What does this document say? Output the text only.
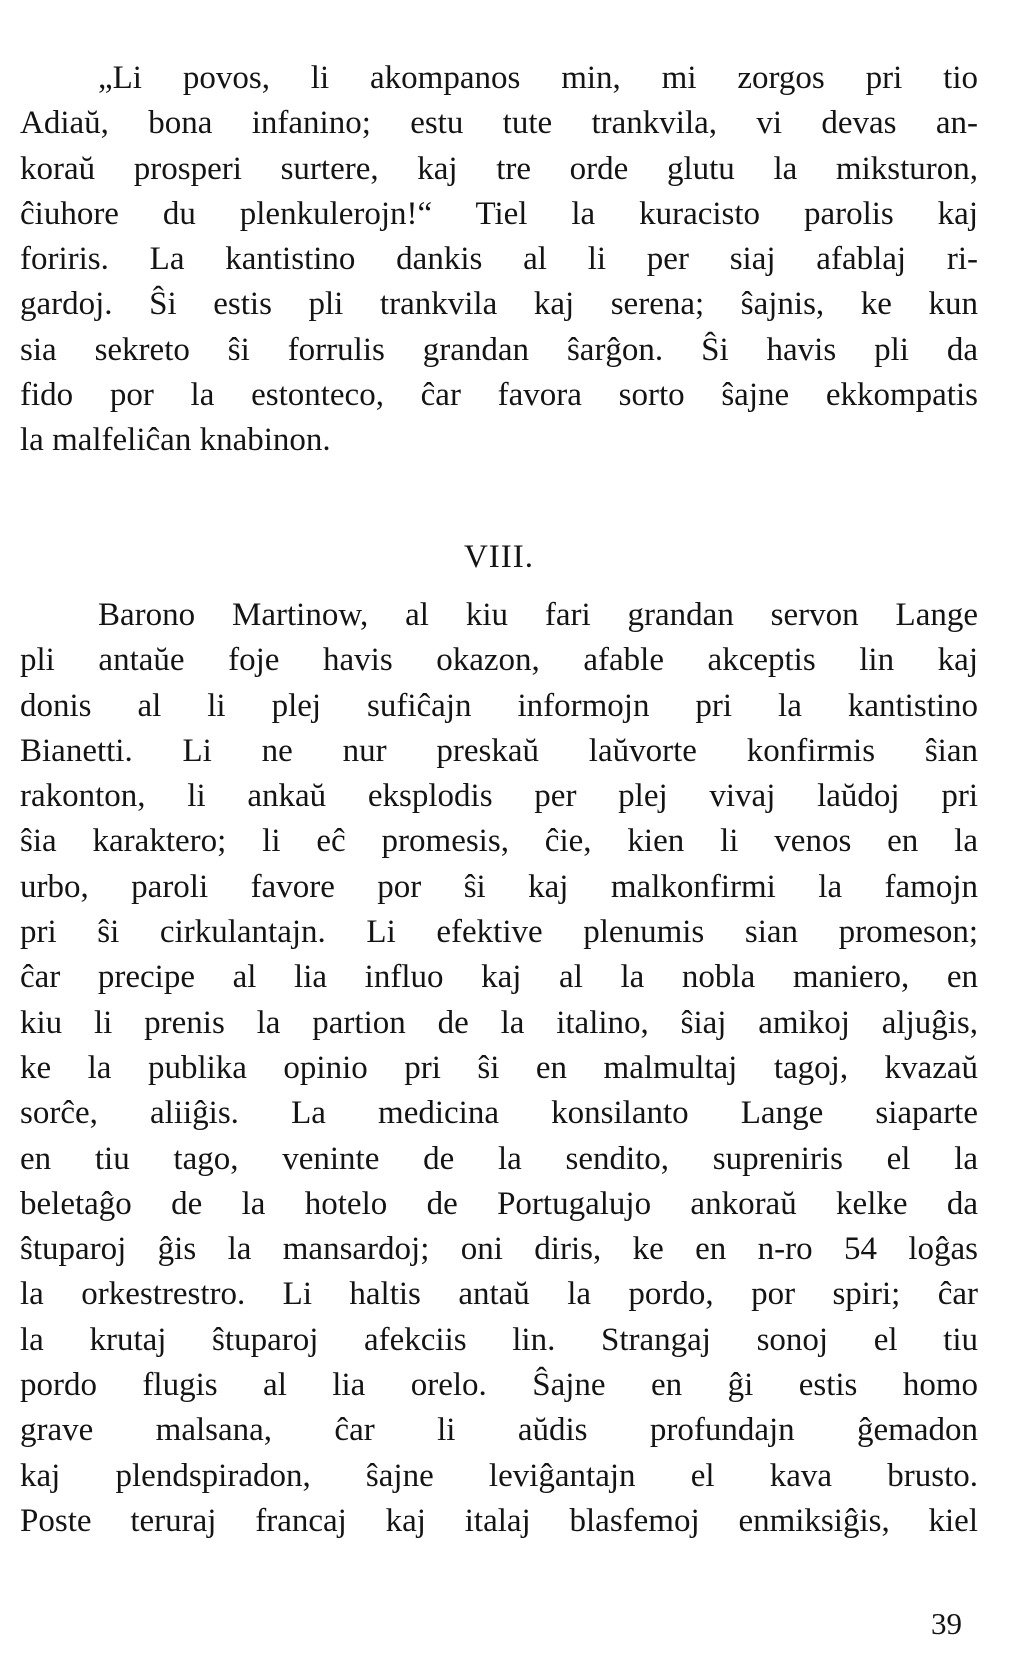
„Li povos, li akompanos min, mi zorgos pri tio
Adiaŭ, bona infanino; estu tute trankvila, vi devas an-
koraŭ prosperi surtere, kaj tre orde glutu la miksturon,
ĉiuhore du plenkulerojn!“ Tiel la kuracisto parolis kaj
foriris. La kantistino dankis al li per siaj afablaj ri-
gardoj. Ŝi estis pli trankvila kaj serena; ŝajnis, ke kun
sia sekreto ŝi forrulis grandan ŝarĝon. Ŝi havis pli da
fido por la estonteco, ĉar favora sorto ŝajne ekkompatis
la malfeliĉan knabinon.
VIII.
Barono Martinow, al kiu fari grandan servon Lange
pli antaŭe foje havis okazon, afable akceptis lin kaj
donis al li plej sufiĉajn informojn pri la kantistino
Bianetti. Li ne nur preskaŭ laŭvorte konfirmis ŝian
rakonton, li ankaŭ eksplodis per plej vivaj laŭdoj pri
ŝia karaktero; li eĉ promesis, ĉie, kien li venos en la
urbo, paroli favore por ŝi kaj malkonfirmi la famojn
pri ŝi cirkulantajn. Li efektive plenumis sian promeson;
ĉar precipe al lia influo kaj al la nobla maniero, en
kiu li prenis la partion de la italino, ŝiaj amikoj aljuĝis,
ke la publika opinio pri ŝi en malmultaj tagoj, kvazaŭ
sorĉe, aliiĝis. La medicina konsilanto Lange siaparte
en tiu tago, veninte de la sendito, supreniris el la
beletaĝo de la hotelo de Portugalujo ankoraŭ kelke da
ŝtuparoj ĝis la mansardoj; oni diris, ke en n-ro 54 loĝas
la orkestrestro. Li haltis antaŭ la pordo, por spiri; ĉar
la krutaj ŝtuparoj afekciis lin. Strangaj sonoj el tiu
pordo flugis al lia orelo. Ŝajne en ĝi estis homo
grave malsana, ĉar li aŭdis profundajn ĝemadon
kaj plendspiradon, ŝajne leviĝantajn el kava brusto.
Poste teruraj francaj kaj italaj blasfemoj enmiksiĝis, kiel
39
